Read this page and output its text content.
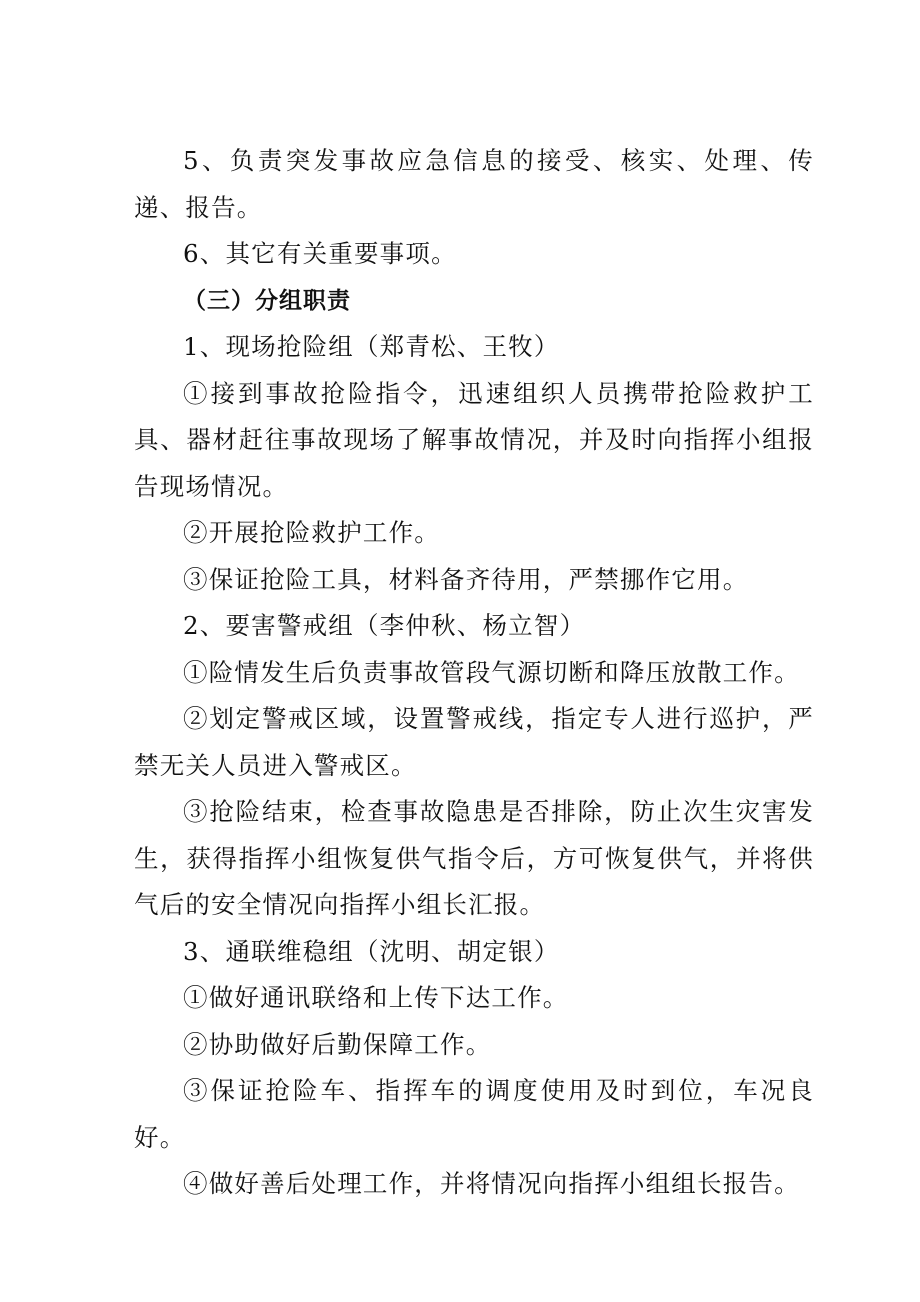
5、负责突发事故应急信息的接受、核实、处理、传递、报告。

6、其它有关重要事项。

（三）分组职责

1、现场抢险组（郑青松、王牧）

①接到事故抢险指令，迅速组织人员携带抢险救护工具、器材赶往事故现场了解事故情况，并及时向指挥小组报告现场情况。

②开展抢险救护工作。

③保证抢险工具，材料备齐待用，严禁挪作它用。

2、要害警戒组（李仲秋、杨立智）

①险情发生后负责事故管段气源切断和降压放散工作。

②划定警戒区域，设置警戒线，指定专人进行巡护，严禁无关人员进入警戒区。

③抢险结束，检查事故隐患是否排除，防止次生灾害发生，获得指挥小组恢复供气指令后，方可恢复供气，并将供气后的安全情况向指挥小组长汇报。

3、通联维稳组（沈明、胡定银）

①做好通讯联络和上传下达工作。

②协助做好后勤保障工作。

③保证抢险车、指挥车的调度使用及时到位，车况良好。

④做好善后处理工作，并将情况向指挥小组组长报告。
